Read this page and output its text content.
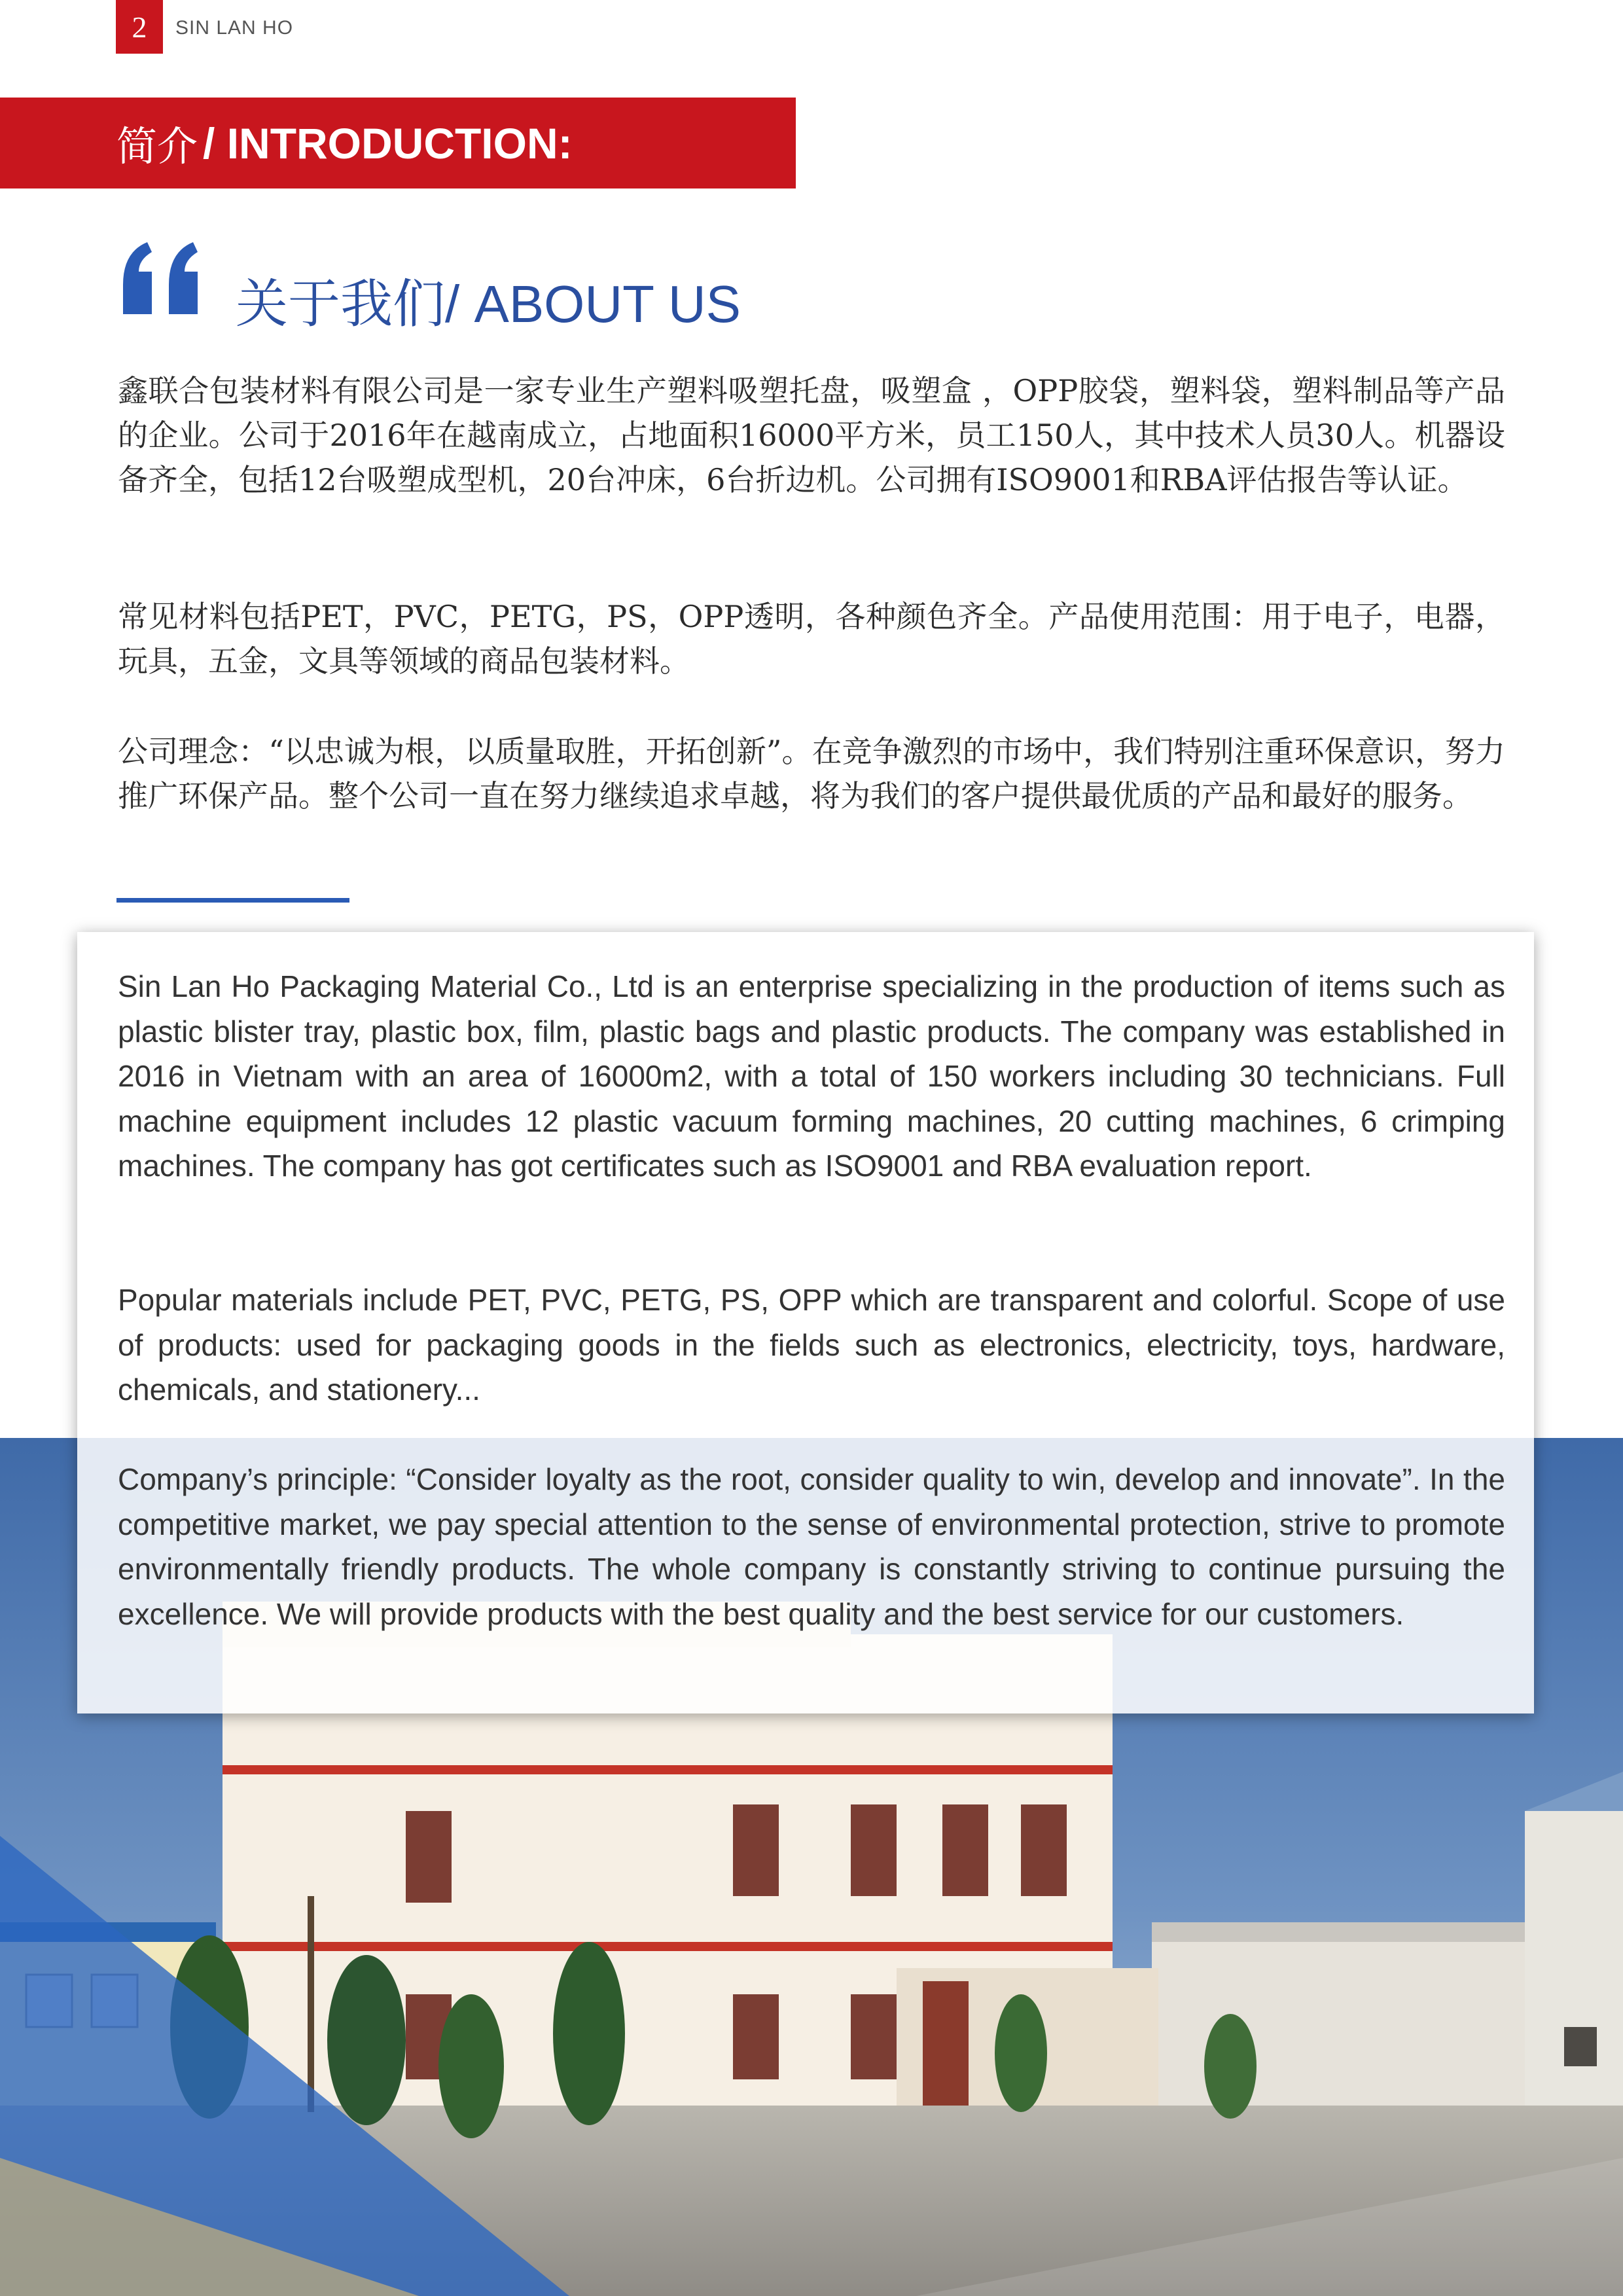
2	SIN LAN HO
简介 / INTRODUCTION:
关于我们/ ABOUT US

鑫联合包装材料有限公司是一家专业生产塑料吸塑托盘，吸塑盒 ，OPP胶袋，塑料袋，塑料制品等产品的企业。公司于2016年在越南成立，占地面积16000平方米，员工150人，其中技术人员30人。机器设备齐全，包括12台吸塑成型机，20台冲床，6台折边机。公司拥有ISO9001和RBA评估报告等认证。

常见材料包括PET，PVC，PETG，PS，OPP透明，各种颜色齐全。产品使用范围：用于电子，电器，玩具，五金，文具等领域的商品包装材料。

公司理念：“以忠诚为根，以质量取胜，开拓创新”。在竞争激烈的市场中，我们特别注重环保意识，努力推广环保产品。整个公司一直在努力继续追求卓越，将为我们的客户提供最优质的产品和最好的服务。

Sin Lan Ho Packaging Material Co., Ltd is an enterprise specializing in the production of items such as plastic blister tray, plastic box, film, plastic bags and plastic products. The company was established in 2016 in Vietnam with an area of 16000m2, with a total of 150 workers including 30 technicians. Full machine equipment includes 12 plastic vacuum forming machines, 20 cutting machines, 6 crimping machines. The company has got certificates such as ISO9001 and RBA evaluation report.

Popular materials include PET, PVC, PETG, PS, OPP which are transparent and colorful. Scope of use of products: used for packaging goods in the fields such as electronics, electricity, toys, hardware, chemicals, and stationery...

Company’s principle: “Consider loyalty as the root, consider quality to win, develop and innovate”. In the competitive market, we pay special attention to the sense of environmental protection, strive to promote environmentally friendly products. The whole company is constantly striving to continue pursuing the excellence. We will provide products with the best quality and the best service for our customers.
